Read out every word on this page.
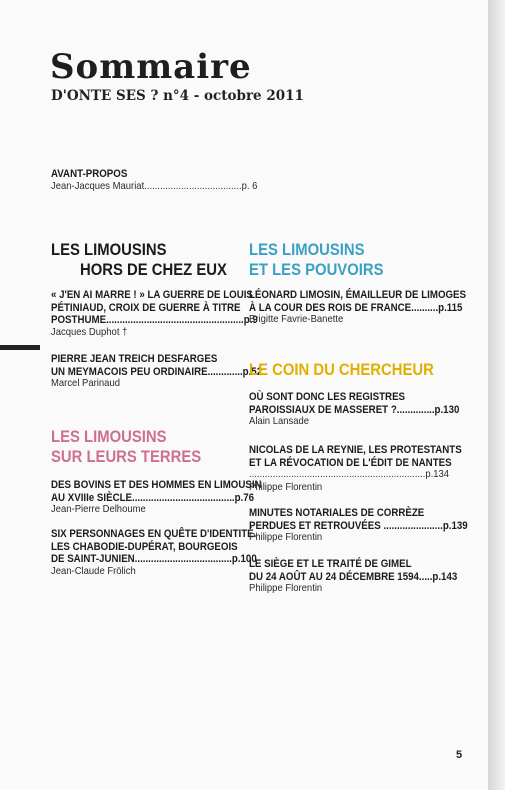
Sommaire
D'ONTE SES ? n°4 - octobre 2011
AVANT-PROPOS
Jean-Jacques Mauriat.....................................p. 6
LES LIMOUSINS
HORS DE CHEZ EUX
« J'EN AI MARRE ! » LA GUERRE DE LOUIS
PÉTINIAUD, CROIX DE GUERRE À TITRE
POSTHUME...................................................p.9
Jacques Duphot †
PIERRE JEAN TREICH DESFARGES
UN MEYMACOIS PEU ORDINAIRE.............p.52
Marcel Parinaud
LES LIMOUSINS
SUR LEURS TERRES
DES BOVINS ET DES HOMMES EN LIMOUSIN
AU XVIIIe SIÈCLE......................................p.76
Jean-Pierre Delhoume
SIX PERSONNAGES EN QUÊTE D'IDENTITÉ.
LES CHABODIE-DUPÉRAT, BOURGEOIS
DE SAINT-JUNIEN....................................p.100
Jean-Claude Frölich
LES LIMOUSINS
ET LES POUVOIRS
LÉONARD LIMOSIN, ÉMAILLEUR DE LIMOGES
À LA COUR DES ROIS DE FRANCE..........p.115
Brigitte Favrie-Banette
LE COIN DU CHERCHEUR
OÙ SONT DONC LES REGISTRES
PAROISSIAUX DE MASSERET ?..............p.130
Alain Lansade
NICOLAS DE LA REYNIE, LES PROTESTANTS
ET LA RÉVOCATION DE L'ÉDIT DE NANTES
...................................................................p.134
Philippe Florentin
MINUTES NOTARIALES DE CORRÈZE
PERDUES ET RETROUVÉES ......................p.139
Philippe Florentin
LE SIÈGE ET LE TRAITÉ DE GIMEL
DU 24 AOÛT AU 24 DÉCEMBRE 1594.....p.143
Philippe Florentin
5
